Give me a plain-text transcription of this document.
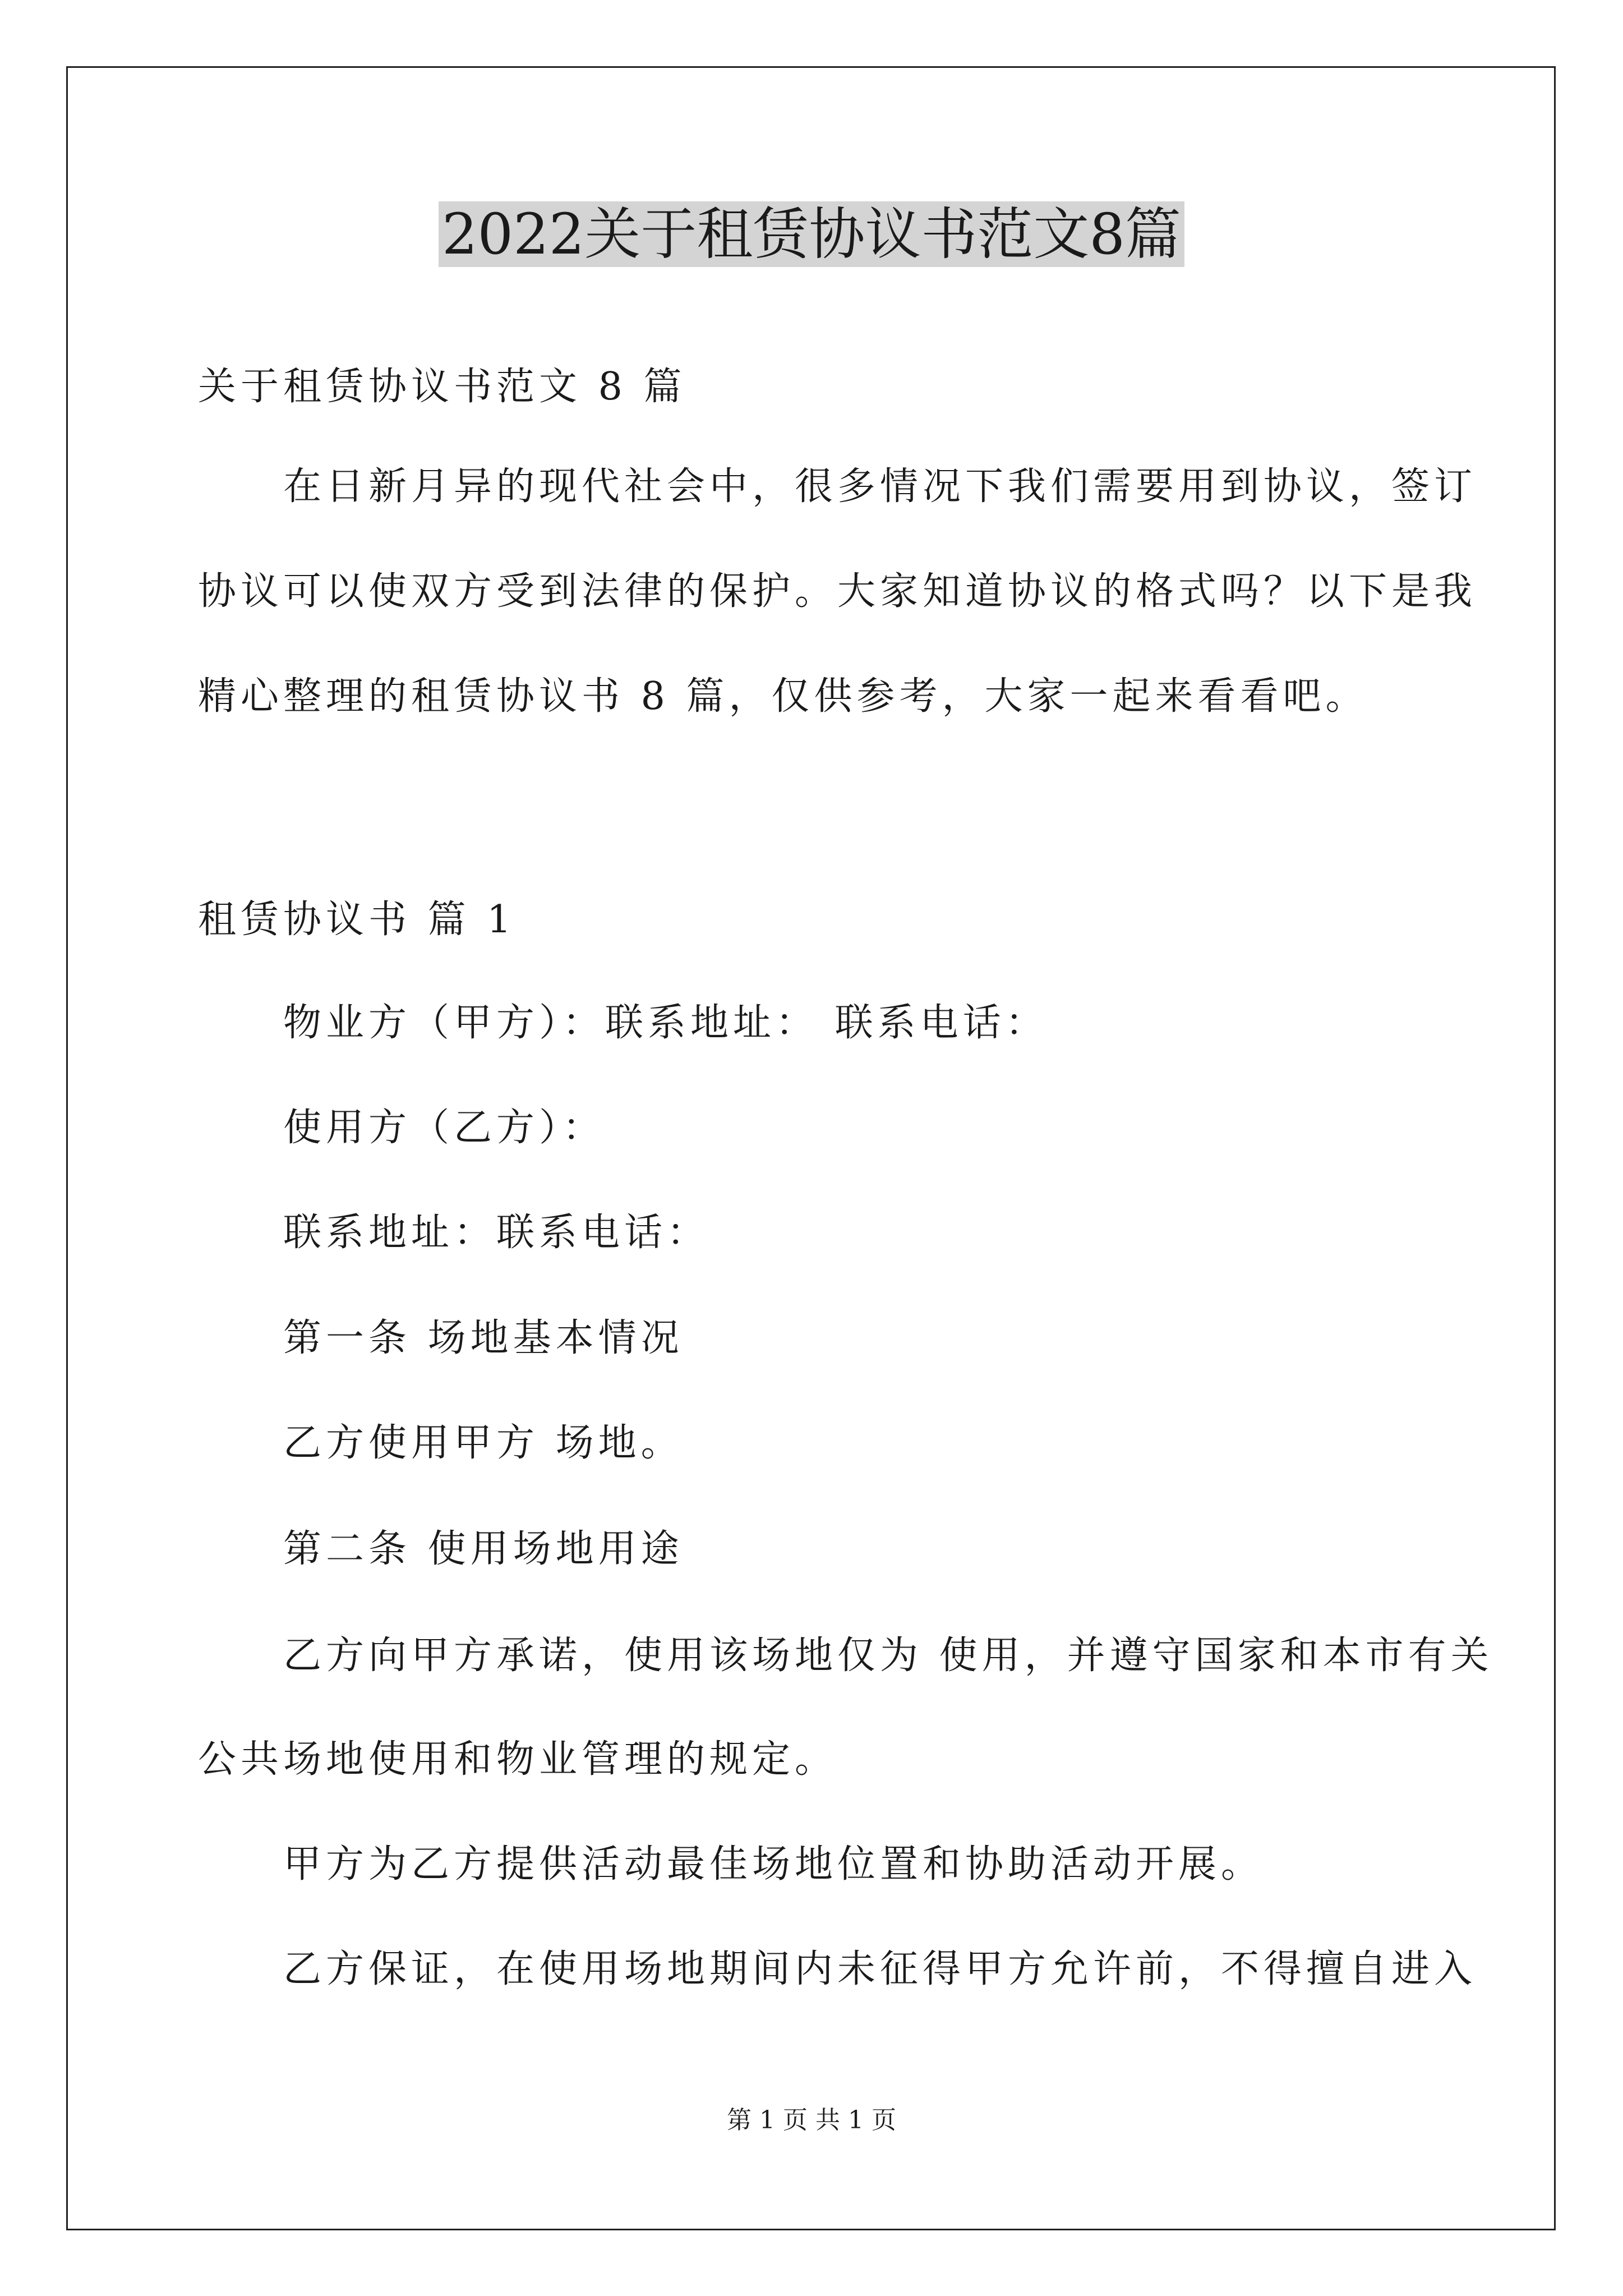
2022关于租赁协议书范文8篇
关于租赁协议书范文 8 篇
在日新月异的现代社会中，很多情况下我们需要用到协议，签订
协议可以使双方受到法律的保护。大家知道协议的格式吗？以下是我
精心整理的租赁协议书 8 篇，仅供参考，大家一起来看看吧。
租赁协议书 篇 1
物业方（甲方）：联系地址： 联系电话：
使用方（乙方）：
联系地址：联系电话：
第一条 场地基本情况
乙方使用甲方 场地。
第二条 使用场地用途
乙方向甲方承诺，使用该场地仅为 使用，并遵守国家和本市有关
公共场地使用和物业管理的规定。
甲方为乙方提供活动最佳场地位置和协助活动开展。
乙方保证，在使用场地期间内未征得甲方允许前，不得擅自进入
第 1 页 共 1 页
